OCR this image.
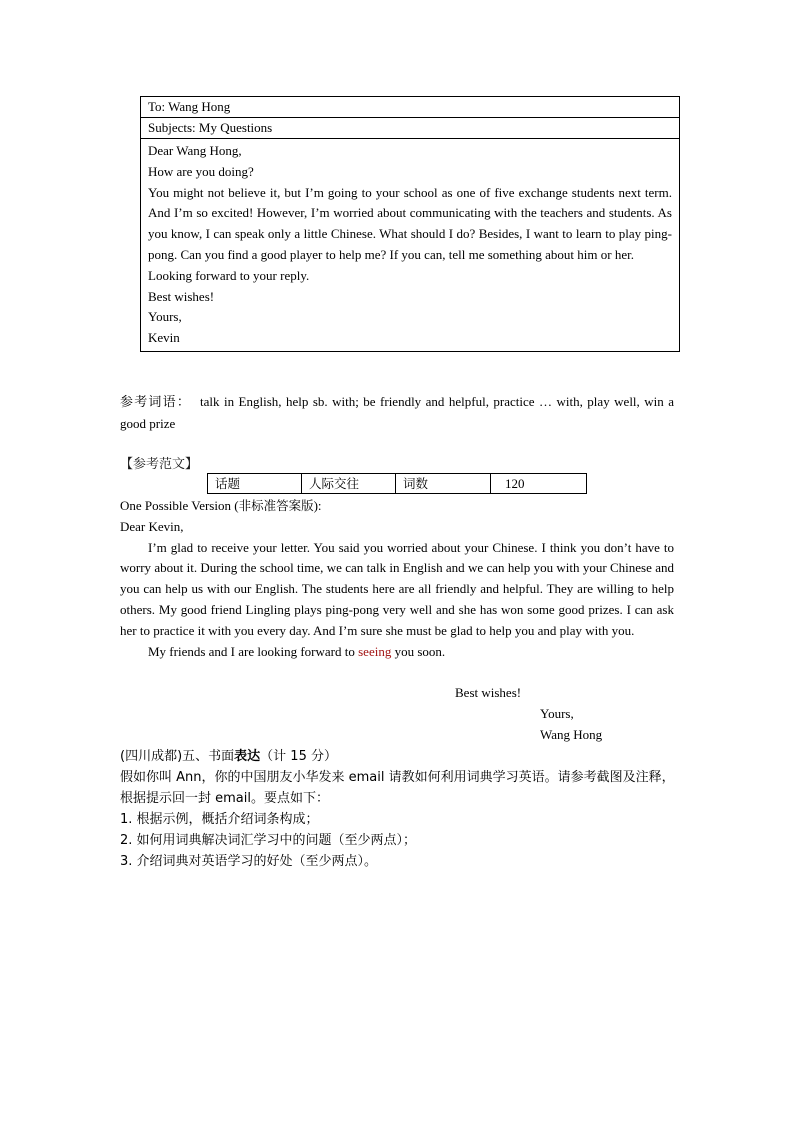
To: Wang Hong
Subjects: My Questions
Dear Wang Hong,
How are you doing?
You might not believe it, but I’m going to your school as one of five exchange students next term. And I’m so excited! However, I’m worried about communicating with the teachers and students. As you know, I can speak only a little Chinese. What should I do? Besides, I want to learn to play ping-pong. Can you find a good player to help me? If you can, tell me something about him or her.
Looking forward to your reply.
Best wishes!
Yours,
Kevin
参考词语： talk in English, help sb. with; be friendly and helpful, practice … with, play well, win a good prize
【参考范文】
话题	人际交往	词数	120
One Possible Version (非标准答案版):
Dear Kevin,
I’m glad to receive your letter. You said you worried about your Chinese. I think you don’t have to worry about it. During the school time, we can talk in English and we can help you with your Chinese and you can help us with our English. The students here are all friendly and helpful. They are willing to help others. My good friend Lingling plays ping-pong very well and she has won some good prizes. I can ask her to practice it with you every day. And I’m sure she must be glad to help you and play with you.
My friends and I are looking forward to seeing you soon.
Best wishes!
Yours,
Wang Hong
(四川成都)五、书面表达（计 15 分）
假如你叫 Ann，你的中国朋友小华发来 email 请教如何利用词典学习英语。请参考截图及注释，根据提示回一封 email。要点如下：
1. 根据示例，概括介绍词条构成；
2. 如何用词典解决词汇学习中的问题（至少两点）；
3. 介绍词典对英语学习的好处（至少两点）。
